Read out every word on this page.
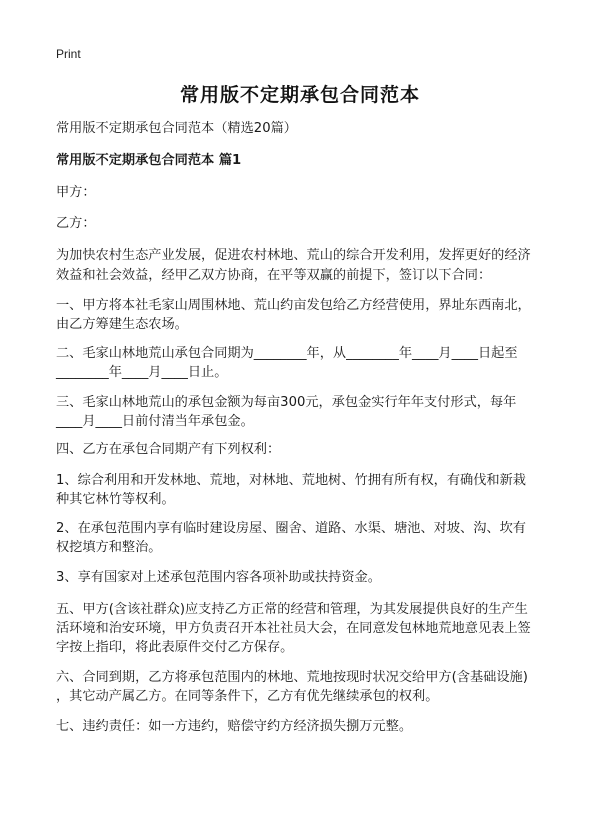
Print
常用版不定期承包合同范本

常用版不定期承包合同范本（精选20篇）

常用版不定期承包合同范本 篇1

甲方：

乙方：

为加快农村生态产业发展，促进农村林地、荒山的综合开发利用，发挥更好的经济

效益和社会效益，经甲乙双方协商，在平等双赢的前提下，签订以下合同：

一、甲方将本社毛家山周围林地、荒山约亩发包给乙方经营使用，界址东西南北，

由乙方筹建生态农场。

二、毛家山林地荒山承包合同期为________年，从________年____月____日起至

________年____月____日止。

三、毛家山林地荒山的承包金额为每亩300元，承包金实行年年支付形式，每年

____月____日前付清当年承包金。

四、乙方在承包合同期产有下列权利：

1、综合利用和开发林地、荒地，对林地、荒地树、竹拥有所有权，有确伐和新栽

种其它林竹等权利。

2、在承包范围内享有临时建设房屋、圈舍、道路、水渠、塘池、对坡、沟、坎有

权挖填方和整治。

3、享有国家对上述承包范围内容各项补助或扶持资金。

五、甲方(含该社群众)应支持乙方正常的经营和管理，为其发展提供良好的生产生

活环境和治安环境，甲方负责召开本社社员大会，在同意发包林地荒地意见表上签

字按上指印，将此表原件交付乙方保存。

六、合同到期，乙方将承包范围内的林地、荒地按现时状况交给甲方(含基础设施)

，其它动产属乙方。在同等条件下，乙方有优先继续承包的权利。

七、违约责任：如一方违约，赔偿守约方经济损失捌万元整。
